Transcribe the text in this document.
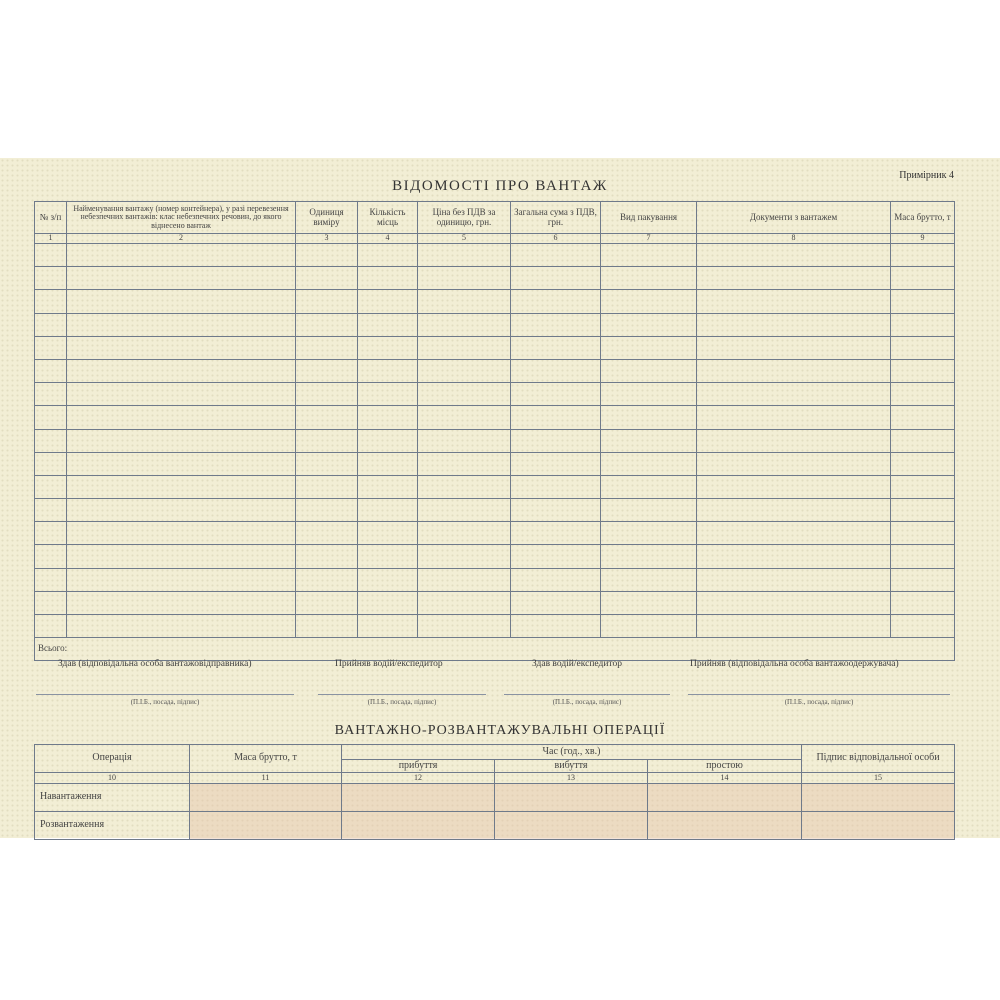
Примірник 4
ВІДОМОСТІ ПРО ВАНТАЖ
№ з/п	Найменування вантажу (номер контейнера), у разі перевезення небезпечних вантажів: клас небезпечних речовин, до якого віднесено вантаж	Одиниця виміру	Кількість місць	Ціна без ПДВ за одиницю, грн.	Загальна сума з ПДВ, грн.	Вид пакування	Документи з вантажем	Маса брутто, т
1	2	3	4	5	6	7	8	9

Всього:								
Здав (відповідальна особа вантажовідправника)	Прийняв водій/експедитор	Здав водій/експедитор	Прийняв (відповідальна особа вантажоодержувача)
(П.І.Б., посада, підпис)	(П.І.Б., посада, підпис)	(П.І.Б., посада, підпис)	(П.І.Б., посада, підпис)
ВАНТАЖНО-РОЗВАНТАЖУВАЛЬНІ ОПЕРАЦІЇ
Операція	Маса брутто, т	Час (год., хв.)			Підпис відповідальної особи
		прибуття	вибуття	простою	
10	11	12	13	14	15
Навантаження					
Розвантаження					
